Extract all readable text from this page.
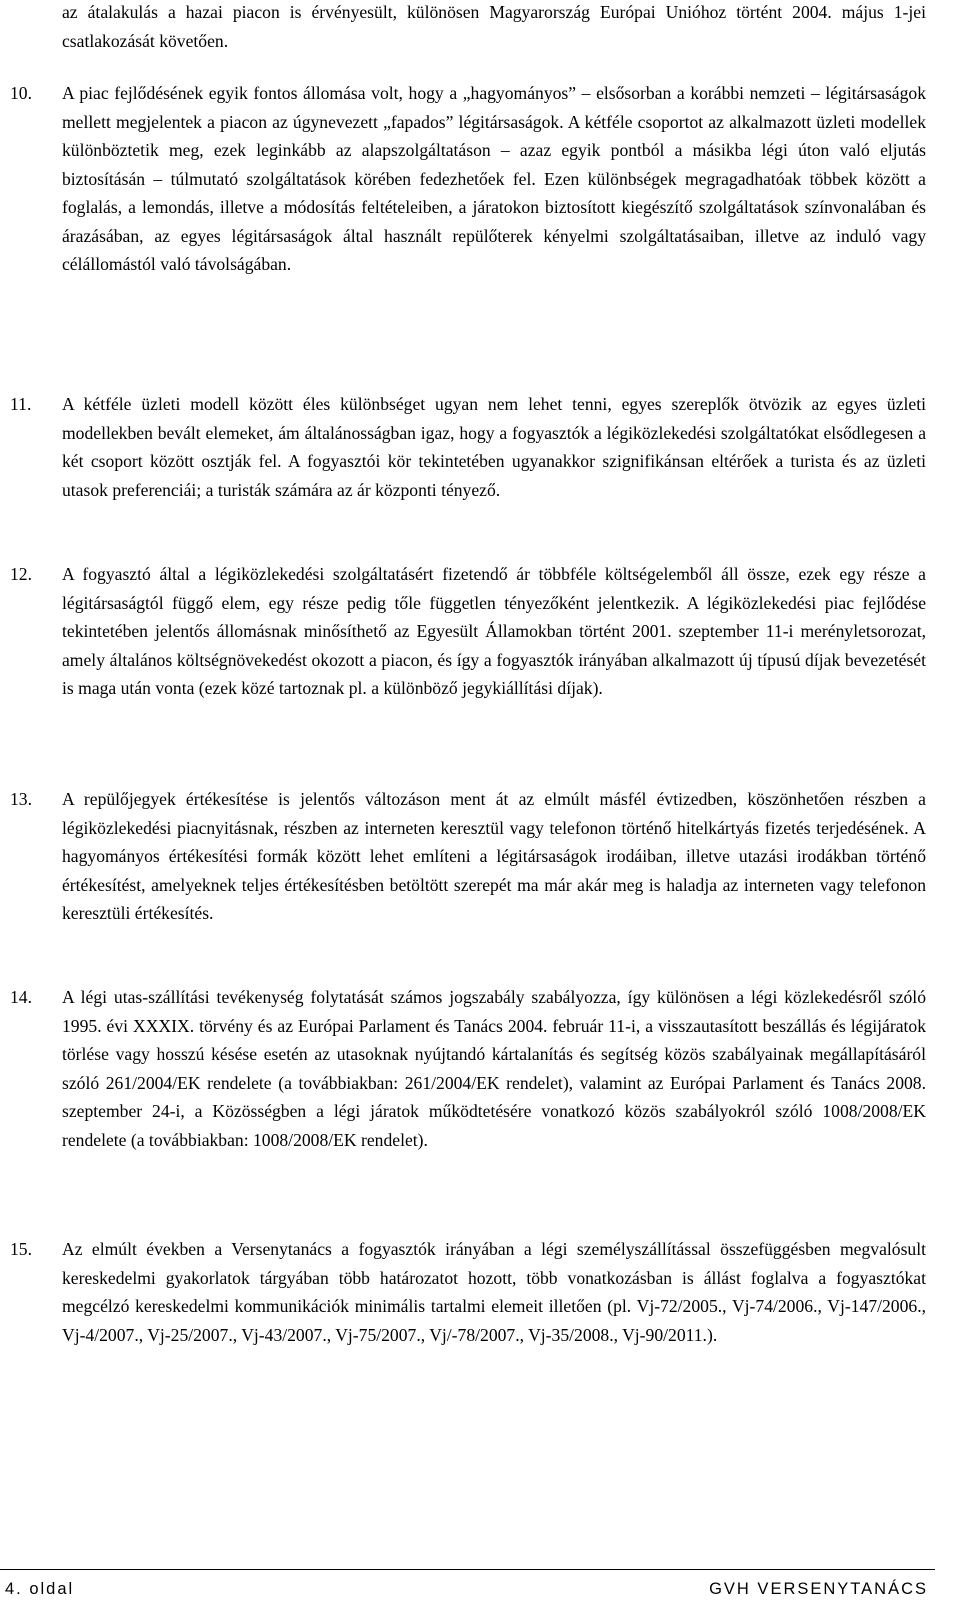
az átalakulás a hazai piacon is érvényesült, különösen Magyarország Európai Unióhoz történt 2004. május 1-jei csatlakozását követően.

10.	A piac fejlődésének egyik fontos állomása volt, hogy a „hagyományos” – elsősorban a korábbi nemzeti – légitársaságok mellett megjelentek a piacon az úgynevezett „fapados” légitársaságok. A kétféle csoportot az alkalmazott üzleti modellek különböztetik meg, ezek leginkább az alapszolgáltatáson – azaz egyik pontból a másikba légi úton való eljutás biztosításán – túlmutató szolgáltatások körében fedezhetőek fel. Ezen különbségek megragadhatóak többek között a foglalás, a lemondás, illetve a módosítás feltételeiben, a járatokon biztosított kiegészítő szolgáltatások színvonalában és árazásában, az egyes légitársaságok által használt repülőterek kényelmi szolgáltatásaiban, illetve az induló vagy célállomástól való távolságában.

11.	A kétféle üzleti modell között éles különbséget ugyan nem lehet tenni, egyes szereplők ötvözik az egyes üzleti modellekben bevált elemeket, ám általánosságban igaz, hogy a fogyasztók a légiközlekedési szolgáltatókat elsődlegesen a két csoport között osztják fel. A fogyasztói kör tekintetében ugyanakkor szignifikánsan eltérőek a turista és az üzleti utasok preferenciái; a turisták számára az ár központi tényező.

12.	A fogyasztó által a légiközlekedési szolgáltatásért fizetendő ár többféle költségelemből áll össze, ezek egy része a légitársaságtól függő elem, egy része pedig tőle független tényezőként jelentkezik. A légiközlekedési piac fejlődése tekintetében jelentős állomásnak minősíthető az Egyesült Államokban történt 2001. szeptember 11-i merényletsorozat, amely általános költségnövekedést okozott a piacon, és így a fogyasztók irányában alkalmazott új típusú díjak bevezetését is maga után vonta (ezek közé tartoznak pl. a különböző jegykiállítási díjak).

13.	A repülőjegyek értékesítése is jelentős változáson ment át az elmúlt másfél évtizedben, köszönhetően részben a légiközlekedési piacnyitásnak, részben az interneten keresztül vagy telefonon történő hitelkártyás fizetés terjedésének. A hagyományos értékesítési formák között lehet említeni a légitársaságok irodáiban, illetve utazási irodákban történő értékesítést, amelyeknek teljes értékesítésben betöltött szerepét ma már akár meg is haladja az interneten vagy telefonon keresztüli értékesítés.

14.	A légi utas-szállítási tevékenység folytatását számos jogszabály szabályozza, így különösen a légi közlekedésről szóló 1995. évi XXXIX. törvény és az Európai Parlament és Tanács 2004. február 11-i, a visszautasított beszállás és légijáratok törlése vagy hosszú késése esetén az utasoknak nyújtandó kártalanítás és segítség közös szabályainak megállapításáról szóló 261/2004/EK rendelete (a továbbiakban: 261/2004/EK rendelet), valamint az Európai Parlament és Tanács 2008. szeptember 24-i, a Közösségben a légi járatok működtetésére vonatkozó közös szabályokról szóló 1008/2008/EK rendelete (a továbbiakban: 1008/2008/EK rendelet).

15.	Az elmúlt években a Versenytanács a fogyasztók irányában a légi személyszállítással összefüggésben megvalósult kereskedelmi gyakorlatok tárgyában több határozatot hozott, több vonatkozásban is állást foglalva a fogyasztókat megcélzó kereskedelmi kommunikációk minimális tartalmi elemeit illetően (pl. Vj-72/2005., Vj-74/2006., Vj-147/2006., Vj-4/2007., Vj-25/2007., Vj-43/2007., Vj-75/2007., Vj/-78/2007., Vj-35/2008., Vj-90/2011.).

4. oldal	GVH VERSENYTANÁCS
